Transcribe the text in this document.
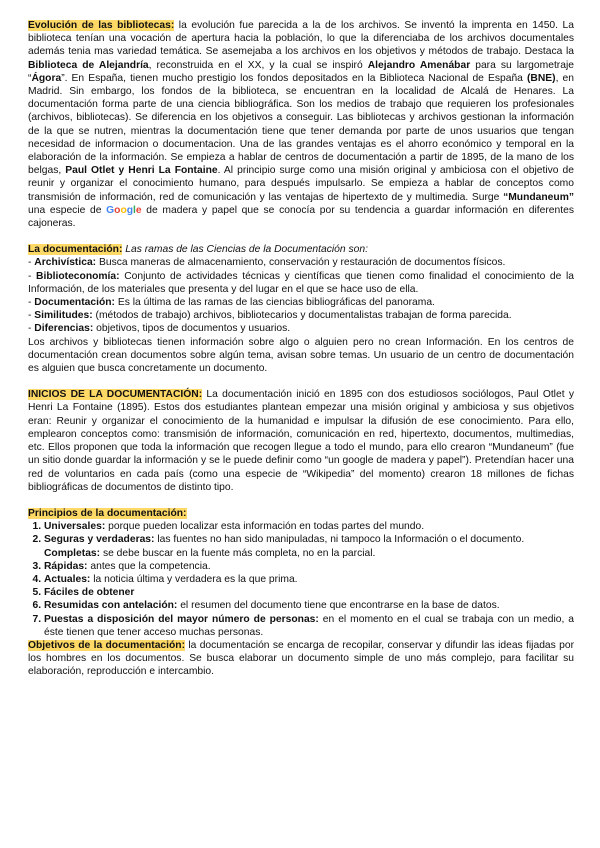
Evolución de las bibliotecas: la evolución fue parecida a la de los archivos. Se inventó la imprenta en 1450. La biblioteca tenían una vocación de apertura hacia la población, lo que la diferenciaba de los archivos documentales además tenia mas variedad temática. Se asemejaba a los archivos en los objetivos y métodos de trabajo. Destaca la Biblioteca de Alejandría, reconstruida en el XX, y la cual se inspiró Alejandro Amenábar para su largometraje “Ágora”. En España, tienen mucho prestigio los fondos depositados en la Biblioteca Nacional de España (BNE), en Madrid. Sin embargo, los fondos de la biblioteca, se encuentran en la localidad de Alcalá de Henares. La documentación forma parte de una ciencia bibliográfica. Son los medios de trabajo que requieren los profesionales (archivos, bibliotecas). Se diferencia en los objetivos a conseguir. Las bibliotecas y archivos gestionan la información de la que se nutren, mientras la documentación tiene que tener demanda por parte de unos usuarios que tengan necesidad de informacion o documentacion. Una de las grandes ventajas es el ahorro económico y temporal en la elaboración de la información. Se empieza a hablar de centros de documentación a partir de 1895, de la mano de los belgas, Paul Otlet y Henri La Fontaine. Al principio surge como una misión original y ambiciosa con el objetivo de reunir y organizar el conocimiento humano, para después impulsarlo. Se empieza a hablar de conceptos como transmisión de información, red de comunicación y las ventajas de hipertexto de y multimedia. Surge “Mundaneum” una especie de Google de madera y papel que se conocía por su tendencia a guardar información en diferentes cajoneras.

La documentación: Las ramas de las Ciencias de la Documentación son:

- Archivística: Busca maneras de almacenamiento, conservación y restauración de documentos físicos.

- Biblioteconomía: Conjunto de actividades técnicas y científicas que tienen como finalidad el conocimiento de la Información, de los materiales que presenta y del lugar en el que se hace uso de ella.

- Documentación: Es la última de las ramas de las ciencias bibliográficas del panorama.

- Similitudes: (métodos de trabajo) archivos, bibliotecarios y documentalistas trabajan de forma parecida.

- Diferencias: objetivos, tipos de documentos y usuarios.

Los archivos y bibliotecas tienen información sobre algo o alguien pero no crean Información. En los centros de documentación crean documentos sobre algún tema, avisan sobre temas. Un usuario de un centro de documentación es alguien que busca concretamente un documento.

INICIOS DE LA DOCUMENTACIÓN: La documentación inició en 1895 con dos estudiosos sociólogos, Paul Otlet y Henri La Fontaine (1895). Estos dos estudiantes plantean empezar una misión original y ambiciosa y sus objetivos eran: Reunir y organizar el conocimiento de la humanidad e impulsar la difusión de ese conocimiento. Para ello, emplearon conceptos como: transmisión de información, comunicación en red, hipertexto, documentos, multimedias, etc. Ellos proponen que toda la información que recogen llegue a todo el mundo, para ello crearon “Mundaneum” (fue un sitio donde guardar la información y se le puede definir como “un google de madera y papel”). Pretendían hacer una red de voluntarios en cada país (como una especie de “Wikipedia” del momento) crearon 18 millones de fichas bibliográficas de documentos de distinto tipo.

Principios de la documentación:

1. Universales: porque pueden localizar esta información en todas partes del mundo.
2. Seguras y verdaderas: las fuentes no han sido manipuladas, ni tampoco la Información o el documento.
Completas: se debe buscar en la fuente más completa, no en la parcial.
3. Rápidas: antes que la competencia.
4. Actuales: la noticia última y verdadera es la que prima.
5. Fáciles de obtener
6. Resumidas con antelación: el resumen del documento tiene que encontrarse en la base de datos.
7. Puestas a disposición del mayor número de personas: en el momento en el cual se trabaja con un medio, a éste tienen que tener acceso muchas personas.

Objetivos de la documentación: la documentación se encarga de recopilar, conservar y difundir las ideas fijadas por los hombres en los documentos. Se busca elaborar un documento simple de uno más complejo, para facilitar su elaboración, reproducción e intercambio.
